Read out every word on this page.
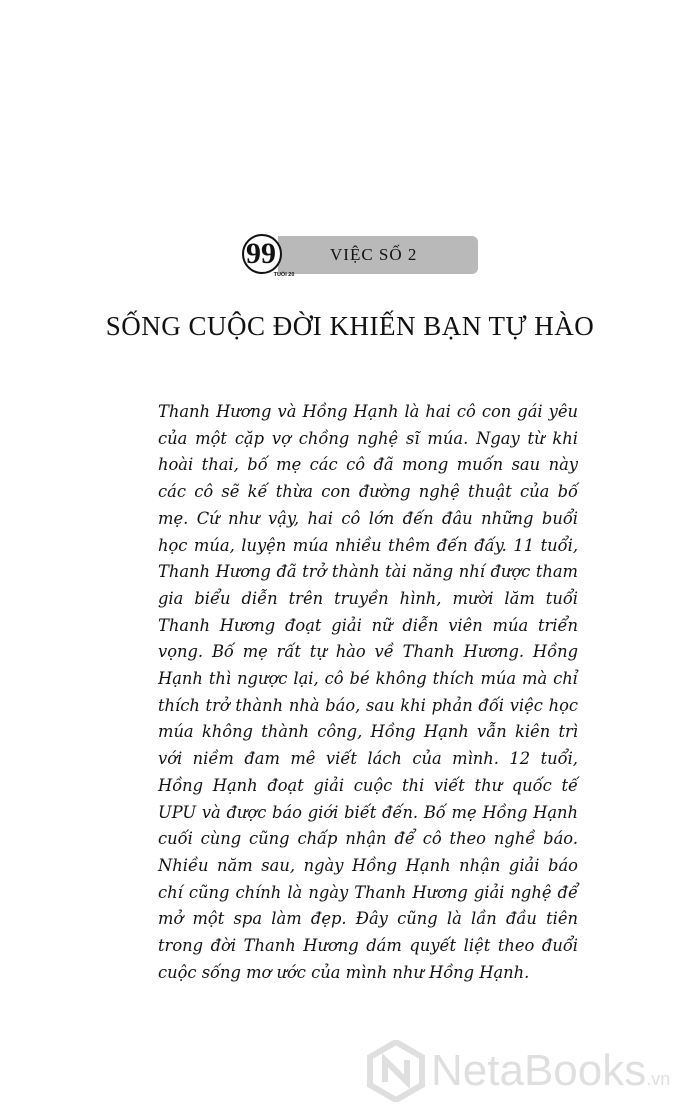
VIỆC SỐ 2
99
TUỔI 20
SỐNG CUỘC ĐỜI KHIẾN BẠN TỰ HÀO

Thanh Hương và Hồng Hạnh là hai cô con gái yêu của một cặp vợ chồng nghệ sĩ múa. Ngay từ khi hoài thai, bố mẹ các cô đã mong muốn sau này các cô sẽ kế thừa con đường nghệ thuật của bố mẹ. Cứ như vậy, hai cô lớn đến đâu những buổi học múa, luyện múa nhiều thêm đến đấy. 11 tuổi, Thanh Hương đã trở thành tài năng nhí được tham gia biểu diễn trên truyền hình, mười lăm tuổi Thanh Hương đoạt giải nữ diễn viên múa triển vọng. Bố mẹ rất tự hào về Thanh Hương. Hồng Hạnh thì ngược lại, cô bé không thích múa mà chỉ thích trở thành nhà báo, sau khi phản đối việc học múa không thành công, Hồng Hạnh vẫn kiên trì với niềm đam mê viết lách của mình. 12 tuổi, Hồng Hạnh đoạt giải cuộc thi viết thư quốc tế UPU và được báo giới biết đến. Bố mẹ Hồng Hạnh cuối cùng cũng chấp nhận để cô theo nghề báo. Nhiều năm sau, ngày Hồng Hạnh nhận giải báo chí cũng chính là ngày Thanh Hương giải nghệ để mở một spa làm đẹp. Đây cũng là lần đầu tiên trong đời Thanh Hương dám quyết liệt theo đuổi cuộc sống mơ ước của mình như Hồng Hạnh.

NetaBooks.vn
